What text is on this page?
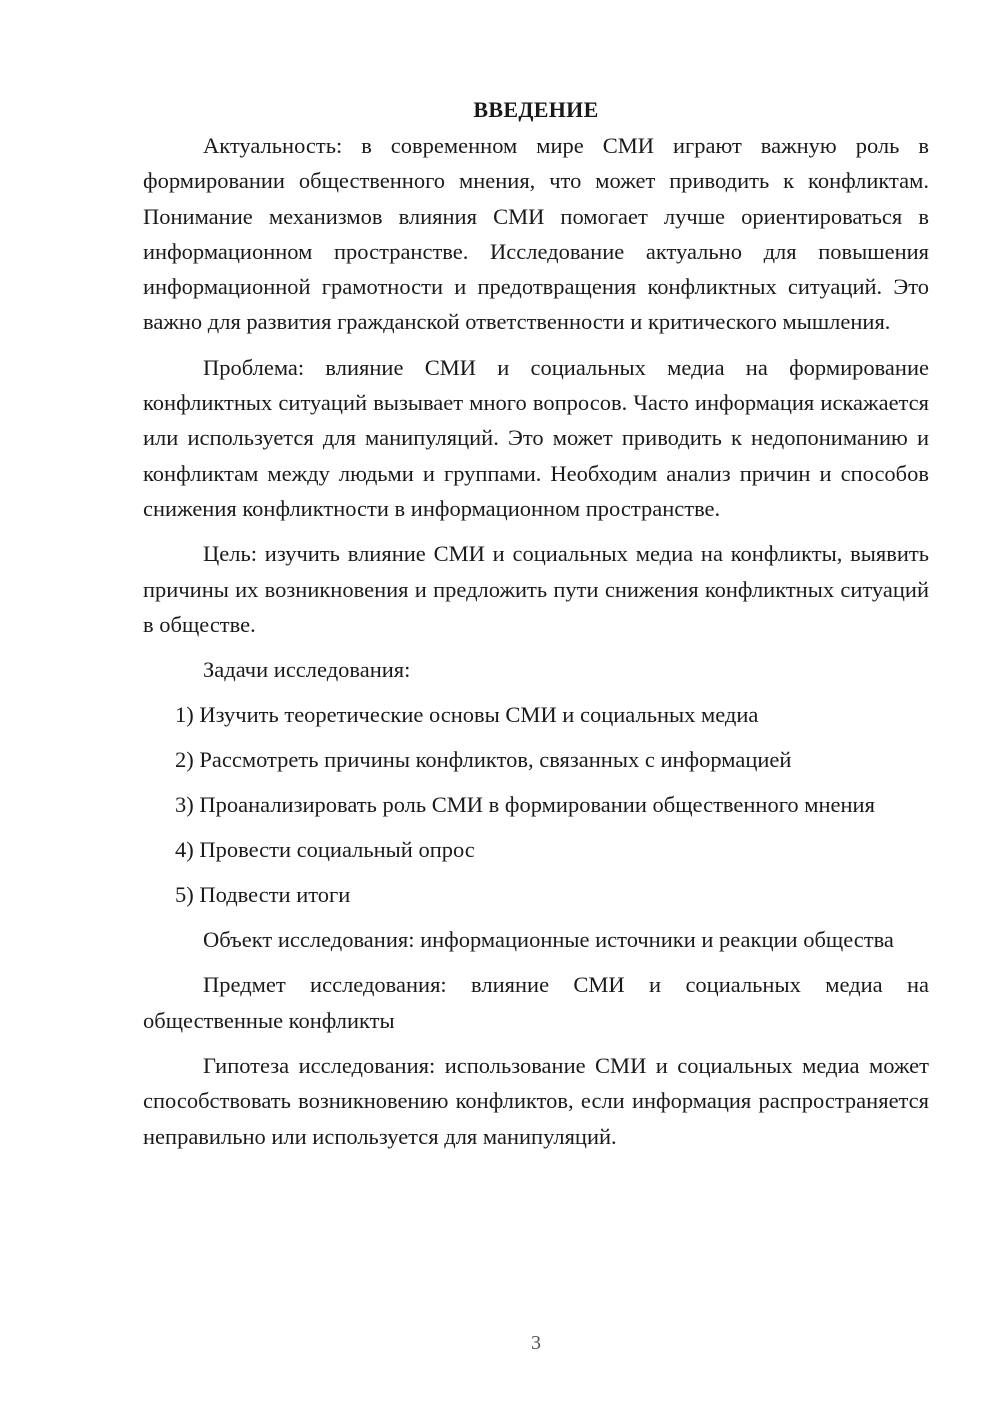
ВВЕДЕНИЕ

Актуальность: в современном мире СМИ играют важную роль в формировании общественного мнения, что может приводить к конфликтам. Понимание механизмов влияния СМИ помогает лучше ориентироваться в информационном пространстве. Исследование актуально для повышения информационной грамотности и предотвращения конфликтных ситуаций. Это важно для развития гражданской ответственности и критического мышления.

Проблема: влияние СМИ и социальных медиа на формирование конфликтных ситуаций вызывает много вопросов. Часто информация искажается или используется для манипуляций. Это может приводить к недопониманию и конфликтам между людьми и группами. Необходим анализ причин и способов снижения конфликтности в информационном пространстве.

Цель: изучить влияние СМИ и социальных медиа на конфликты, выявить причины их возникновения и предложить пути снижения конфликтных ситуаций в обществе.

Задачи исследования:

1) Изучить теоретические основы СМИ и социальных медиа

2) Рассмотреть причины конфликтов, связанных с информацией

3) Проанализировать роль СМИ в формировании общественного мнения

4) Провести социальный опрос

5) Подвести итоги

Объект исследования: информационные источники и реакции общества

Предмет исследования: влияние СМИ и социальных медиа на общественные конфликты

Гипотеза исследования: использование СМИ и социальных медиа может способствовать возникновению конфликтов, если информация распространяется неправильно или используется для манипуляций.

3
